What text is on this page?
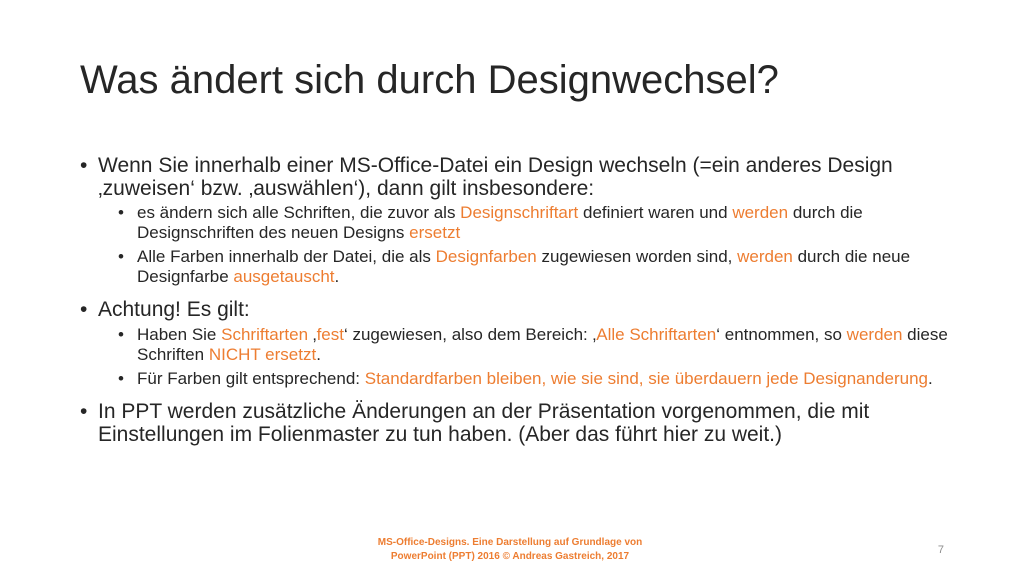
Was ändert sich durch Designwechsel?
• Wenn Sie innerhalb einer MS-Office-Datei ein Design wechseln (=ein anderes Design ‚zuweisen‘ bzw. ‚auswählen‘), dann gilt insbesondere:
• es ändern sich alle Schriften, die zuvor als Designschriftart definiert waren und werden durch die Designschriften des neuen Designs ersetzt
• Alle Farben innerhalb der Datei, die als Designfarben zugewiesen worden sind, werden durch die neue Designfarbe ausgetauscht.
• Achtung! Es gilt:
• Haben Sie Schriftarten ‚fest‘ zugewiesen, also dem Bereich: ‚Alle Schriftarten‘ entnommen, so werden diese Schriften NICHT ersetzt.
• Für Farben gilt entsprechend: Standardfarben bleiben, wie sie sind, sie überdauern jede Designanderung.
• In PPT werden zusätzliche Änderungen an der Präsentation vorgenommen, die mit Einstellungen im Folienmaster zu tun haben. (Aber das führt hier zu weit.)
MS-Office-Designs. Eine Darstellung auf Grundlage von
PowerPoint (PPT) 2016 © Andreas Gastreich, 2017
7
